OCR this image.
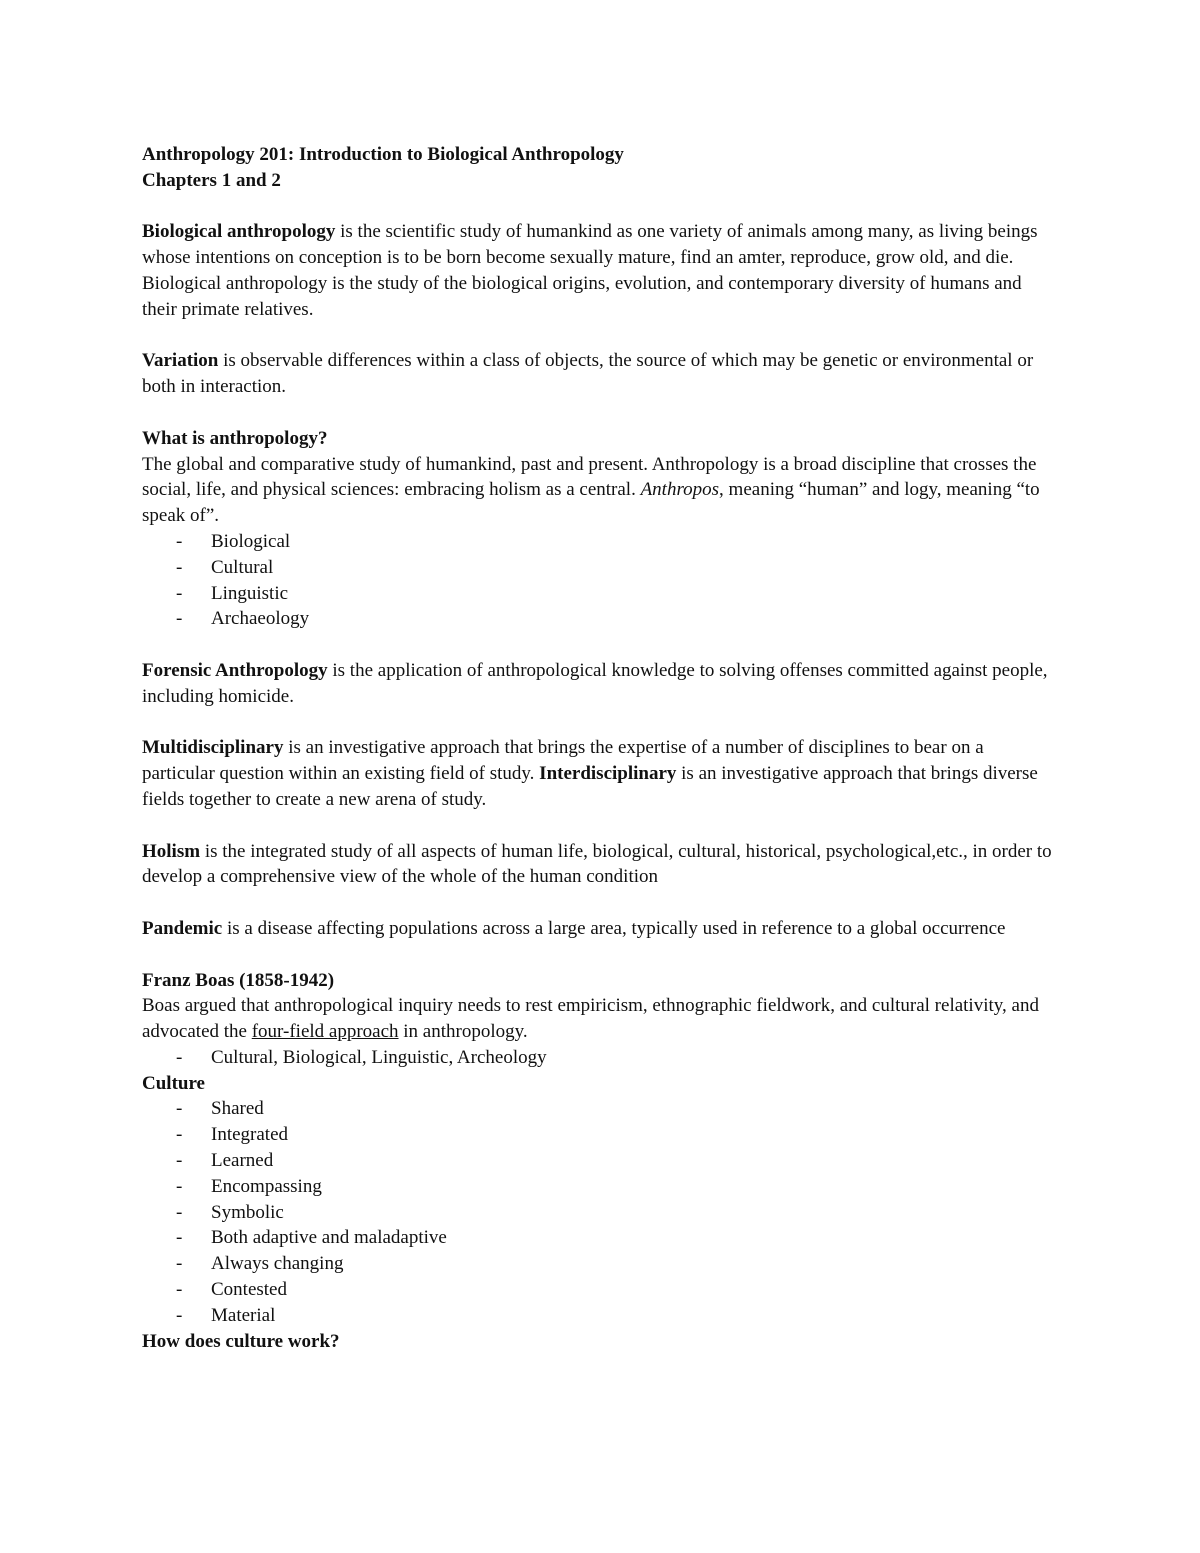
Anthropology 201: Introduction to Biological Anthropology
Chapters 1 and 2
Biological anthropology is the scientific study of humankind as one variety of animals among many, as living beings whose intentions on conception is to be born become sexually mature, find an amter, reproduce, grow old, and die. Biological anthropology is the study of the biological origins, evolution, and contemporary diversity of humans and their primate relatives.
Variation is observable differences within a class of objects, the source of which may be genetic or environmental or both in interaction.
What is anthropology?
The global and comparative study of humankind, past and present. Anthropology is a broad discipline that crosses the social, life, and physical sciences: embracing holism as a central. Anthropos, meaning “human” and logy, meaning “to speak of”.
- Biological
- Cultural
- Linguistic
- Archaeology
Forensic Anthropology is the application of anthropological knowledge to solving offenses committed against people, including homicide.
Multidisciplinary is an investigative approach that brings the expertise of a number of disciplines to bear on a particular question within an existing field of study. Interdisciplinary is an investigative approach that brings diverse fields together to create a new arena of study.
Holism is the integrated study of all aspects of human life, biological, cultural, historical, psychological,etc., in order to develop a comprehensive view of the whole of the human condition
Pandemic is a disease affecting populations across a large area, typically used in reference to a global occurrence
Franz Boas (1858-1942)
Boas argued that anthropological inquiry needs to rest empiricism, ethnographic fieldwork, and cultural relativity, and advocated the four-field approach in anthropology.
- Cultural, Biological, Linguistic, Archeology
Culture
- Shared
- Integrated
- Learned
- Encompassing
- Symbolic
- Both adaptive and maladaptive
- Always changing
- Contested
- Material
How does culture work?
